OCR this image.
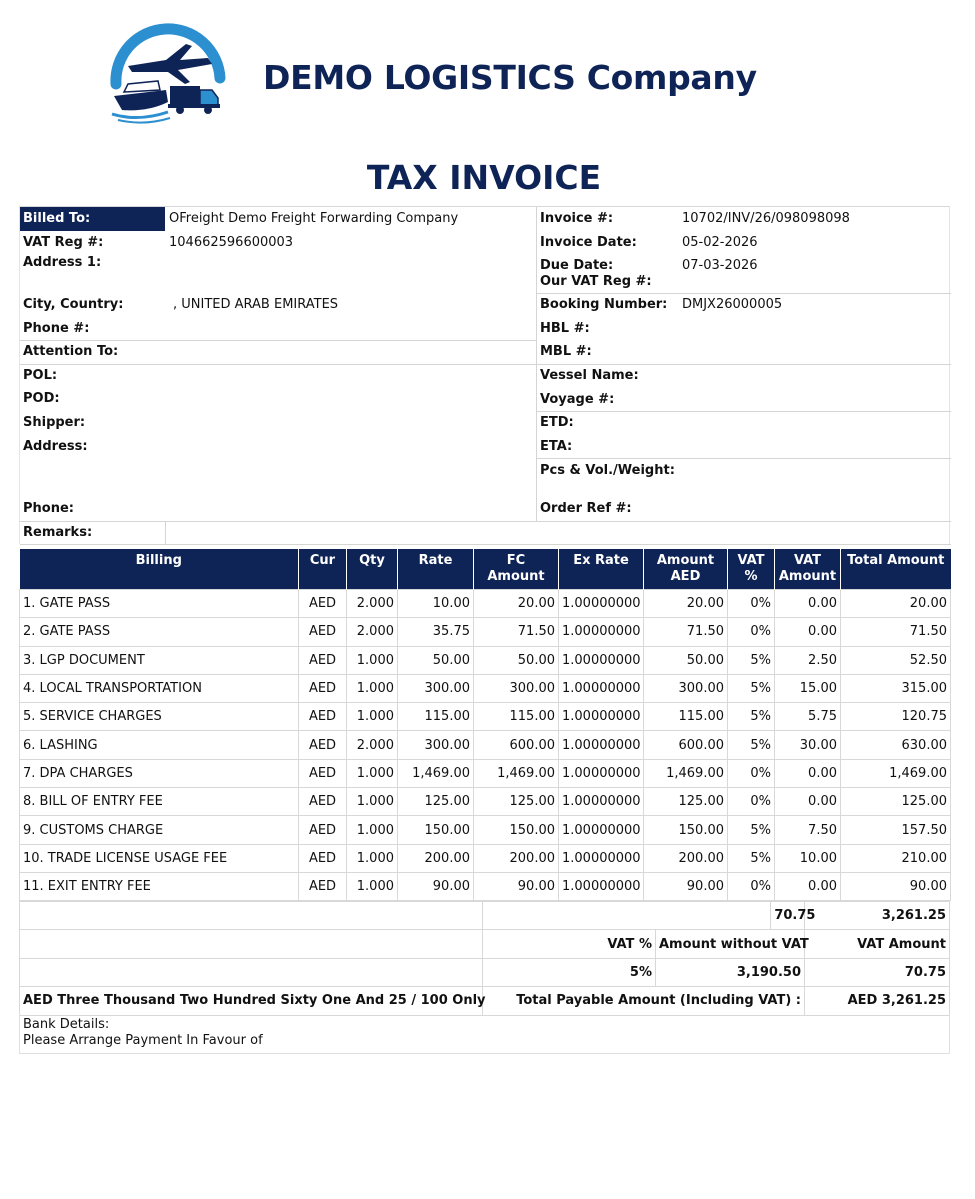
DEMO LOGISTICS Company
TAX INVOICE
Billed To:	OFreight Demo Freight Forwarding Company
VAT Reg #:	104662596600003
Address 1:
City, Country:	, UNITED ARAB EMIRATES
Phone #:
Attention To:
POL:
POD:
Shipper:
Address:
Phone:
Remarks:
Invoice #:	10702/INV/26/098098098
Invoice Date:	05-02-2026
Due Date:	07-03-2026
Our VAT Reg #:
Booking Number: DMJX26000005
HBL #:
MBL #:
Vessel Name:
Voyage #:
ETD:
ETA:
Pcs & Vol./Weight:
Order Ref #:
Billing	Cur	Qty	Rate	FC Amount	Ex Rate	Amount AED	VAT %	VAT Amount	Total Amount
1. GATE PASS	AED	2.000	10.00	20.00	1.00000000	20.00	0%	0.00	20.00
2. GATE PASS	AED	2.000	35.75	71.50	1.00000000	71.50	0%	0.00	71.50
3. LGP DOCUMENT	AED	1.000	50.00	50.00	1.00000000	50.00	5%	2.50	52.50
4. LOCAL TRANSPORTATION	AED	1.000	300.00	300.00	1.00000000	300.00	5%	15.00	315.00
5. SERVICE CHARGES	AED	1.000	115.00	115.00	1.00000000	115.00	5%	5.75	120.75
6. LASHING	AED	2.000	300.00	600.00	1.00000000	600.00	5%	30.00	630.00
7. DPA CHARGES	AED	1.000	1,469.00	1,469.00	1.00000000	1,469.00	0%	0.00	1,469.00
8. BILL OF ENTRY FEE	AED	1.000	125.00	125.00	1.00000000	125.00	0%	0.00	125.00
9. CUSTOMS CHARGE	AED	1.000	150.00	150.00	1.00000000	150.00	5%	7.50	157.50
10. TRADE LICENSE USAGE FEE	AED	1.000	200.00	200.00	1.00000000	200.00	5%	10.00	210.00
11. EXIT ENTRY FEE	AED	1.000	90.00	90.00	1.00000000	90.00	0%	0.00	90.00
			70.75	3,261.25
	VAT %	Amount without VAT		VAT Amount
	5%	3,190.50		70.75
AED Three Thousand Two Hundred Sixty One And 25 / 100 Only	Total Payable Amount (Including VAT) :			AED 3,261.25
Bank Details:
Please Arrange Payment In Favour of
